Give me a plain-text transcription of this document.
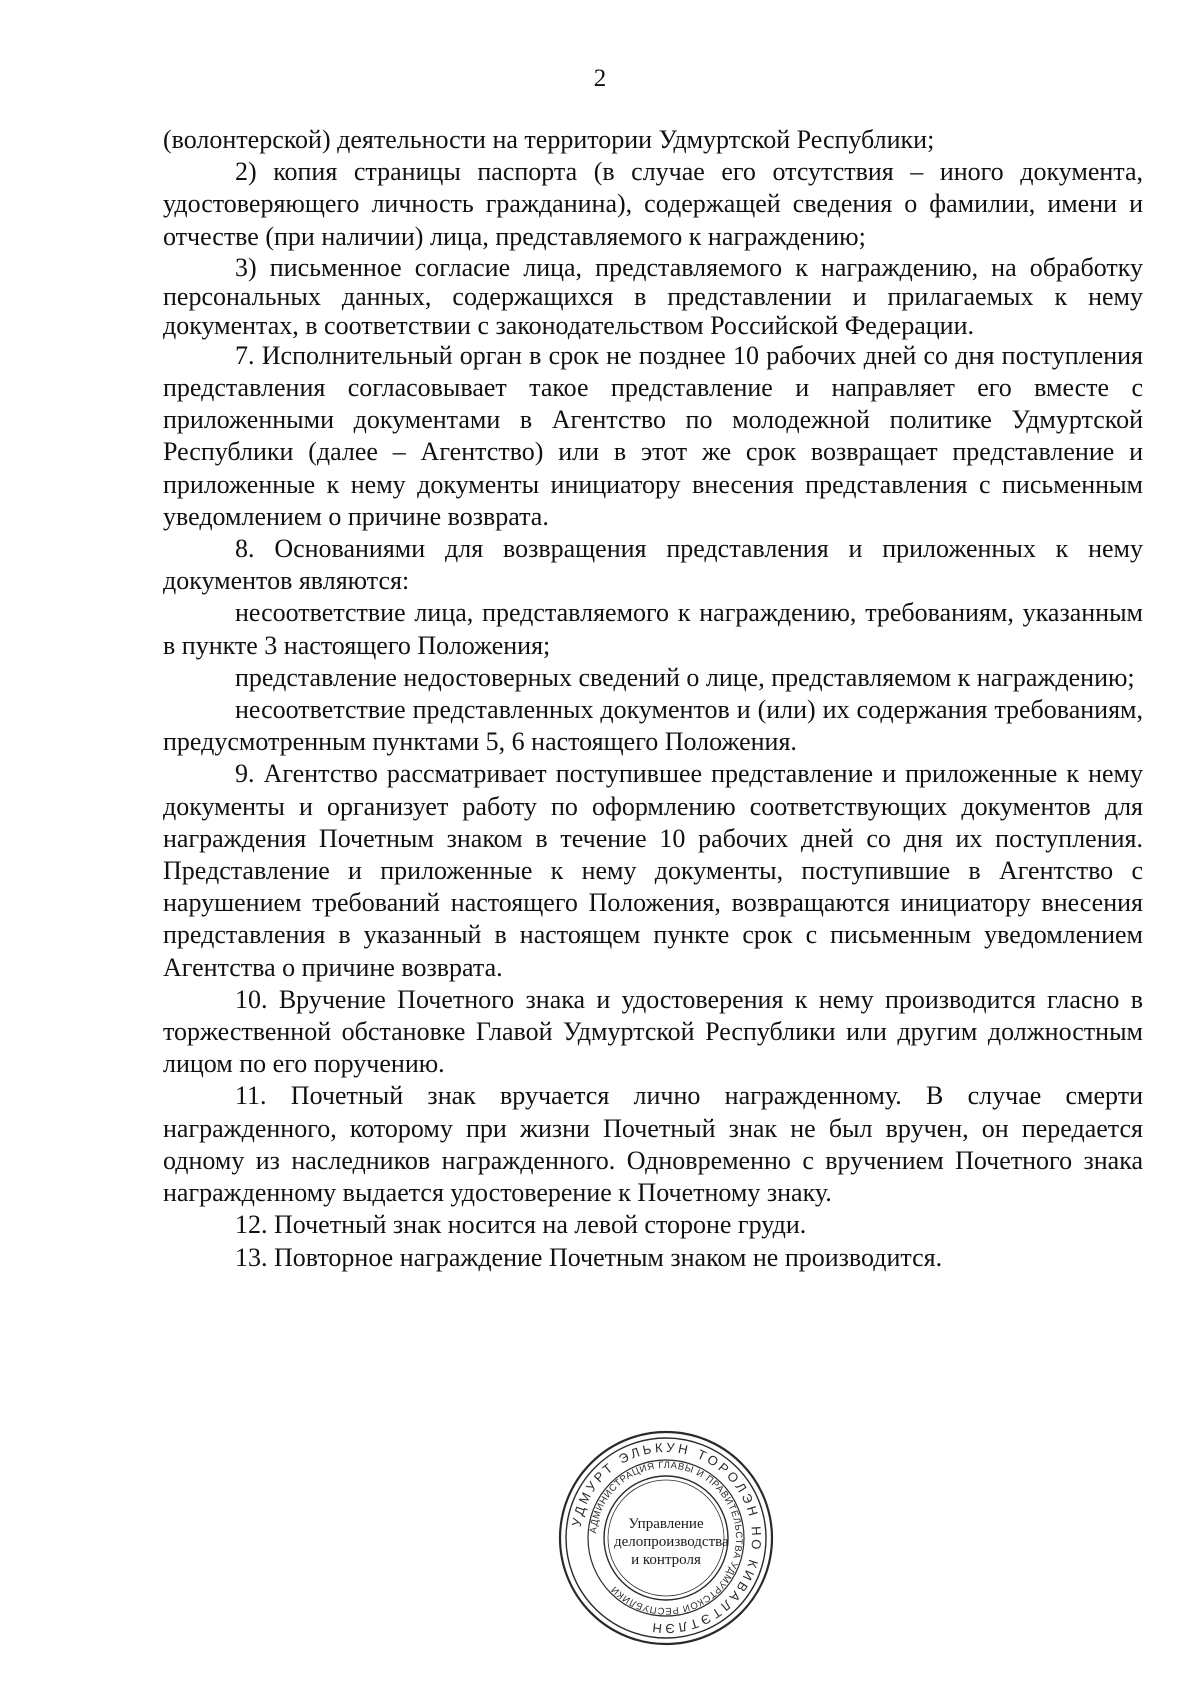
2

(волонтерской) деятельности на территории Удмуртской Республики;

2) копия страницы паспорта (в случае его отсутствия – иного документа, удостоверяющего личность гражданина), содержащей сведения о фамилии, имени и отчестве (при наличии) лица, представляемого к награждению;

3) письменное согласие лица, представляемого к награждению, на обработку персональных данных, содержащихся в представлении и прилагаемых к нему документах, в соответствии с законодательством Российской Федерации.

7. Исполнительный орган в срок не позднее 10 рабочих дней со дня поступления представления согласовывает такое представление и направляет его вместе с приложенными документами в Агентство по молодежной политике Удмуртской Республики (далее – Агентство) или в этот же срок возвращает представление и приложенные к нему документы инициатору внесения представления с письменным уведомлением о причине возврата.

8. Основаниями для возвращения представления и приложенных к нему документов являются:

несоответствие лица, представляемого к награждению, требованиям, указанным в пункте 3 настоящего Положения;

представление недостоверных сведений о лице, представляемом к награждению;

несоответствие представленных документов и (или) их содержания требованиям, предусмотренным пунктами 5, 6 настоящего Положения.

9. Агентство рассматривает поступившее представление и приложенные к нему документы и организует работу по оформлению соответствующих документов для награждения Почетным знаком в течение 10 рабочих дней со дня их поступления. Представление и приложенные к нему документы, поступившие в Агентство с нарушением требований настоящего Положения, возвращаются инициатору внесения представления в указанный в настоящем пункте срок с письменным уведомлением Агентства о причине возврата.

10. Вручение Почетного знака и удостоверения к нему производится гласно в торжественной обстановке Главой Удмуртской Республики или другим должностным лицом по его поручению.

11. Почетный знак вручается лично награжденному. В случае смерти награжденного, которому при жизни Почетный знак не был вручен, он передается одному из наследников награжденного. Одновременно с вручением Почетного знака награжденному выдается удостоверение к Почетному знаку.

12. Почетный знак носится на левой стороне груди.

13. Повторное награждение Почетным знаком не производится.

УДМУРТ ЭЛЬКУН ТОРОЛЭН НО КИВАЛТЭТЛЭН
АДМИНИСТРАЦИЯ ГЛАВЫ И ПРАВИТЕЛЬСТВА УДМУРТСКОЙ РЕСПУБЛИКИ
Управление
делопроизводства
и контроля
